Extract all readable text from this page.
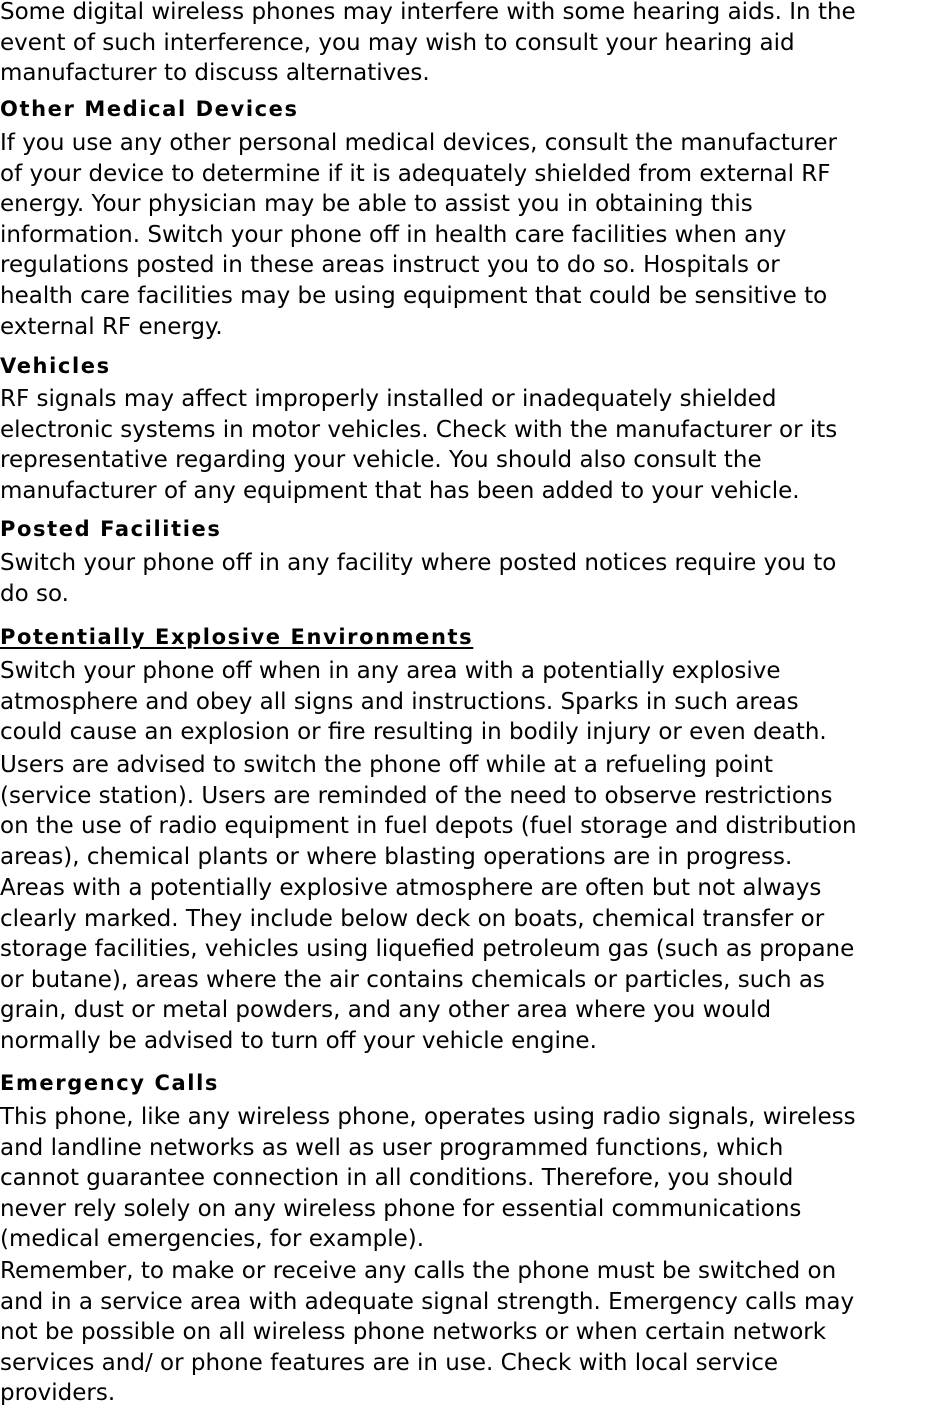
Some digital wireless phones may interfere with some hearing aids. In the
event of such interference, you may wish to consult your hearing aid
manufacturer to discuss alternatives.

Other Medical Devices

If you use any other personal medical devices, consult the manufacturer
of your device to determine if it is adequately shielded from external RF
energy. Your physician may be able to assist you in obtaining this
information. Switch your phone off in health care facilities when any
regulations posted in these areas instruct you to do so. Hospitals or
health care facilities may be using equipment that could be sensitive to
external RF energy.

Vehicles

RF signals may affect improperly installed or inadequately shielded
electronic systems in motor vehicles. Check with the manufacturer or its
representative regarding your vehicle. You should also consult the
manufacturer of any equipment that has been added to your vehicle.

Posted Facilities

Switch your phone off in any facility where posted notices require you to
do so.

Potentially Explosive Environments

Switch your phone off when in any area with a potentially explosive
atmosphere and obey all signs and instructions. Sparks in such areas
could cause an explosion or fire resulting in bodily injury or even death.

Users are advised to switch the phone off while at a refueling point
(service station). Users are reminded of the need to observe restrictions
on the use of radio equipment in fuel depots (fuel storage and distribution
areas), chemical plants or where blasting operations are in progress.

Areas with a potentially explosive atmosphere are often but not always
clearly marked. They include below deck on boats, chemical transfer or
storage facilities, vehicles using liquefied petroleum gas (such as propane
or butane), areas where the air contains chemicals or particles, such as
grain, dust or metal powders, and any other area where you would
normally be advised to turn off your vehicle engine.

Emergency Calls

This phone, like any wireless phone, operates using radio signals, wireless
and landline networks as well as user programmed functions, which
cannot guarantee connection in all conditions. Therefore, you should
never rely solely on any wireless phone for essential communications
(medical emergencies, for example).

Remember, to make or receive any calls the phone must be switched on
and in a service area with adequate signal strength. Emergency calls may
not be possible on all wireless phone networks or when certain network
services and/ or phone features are in use. Check with local service
providers.
